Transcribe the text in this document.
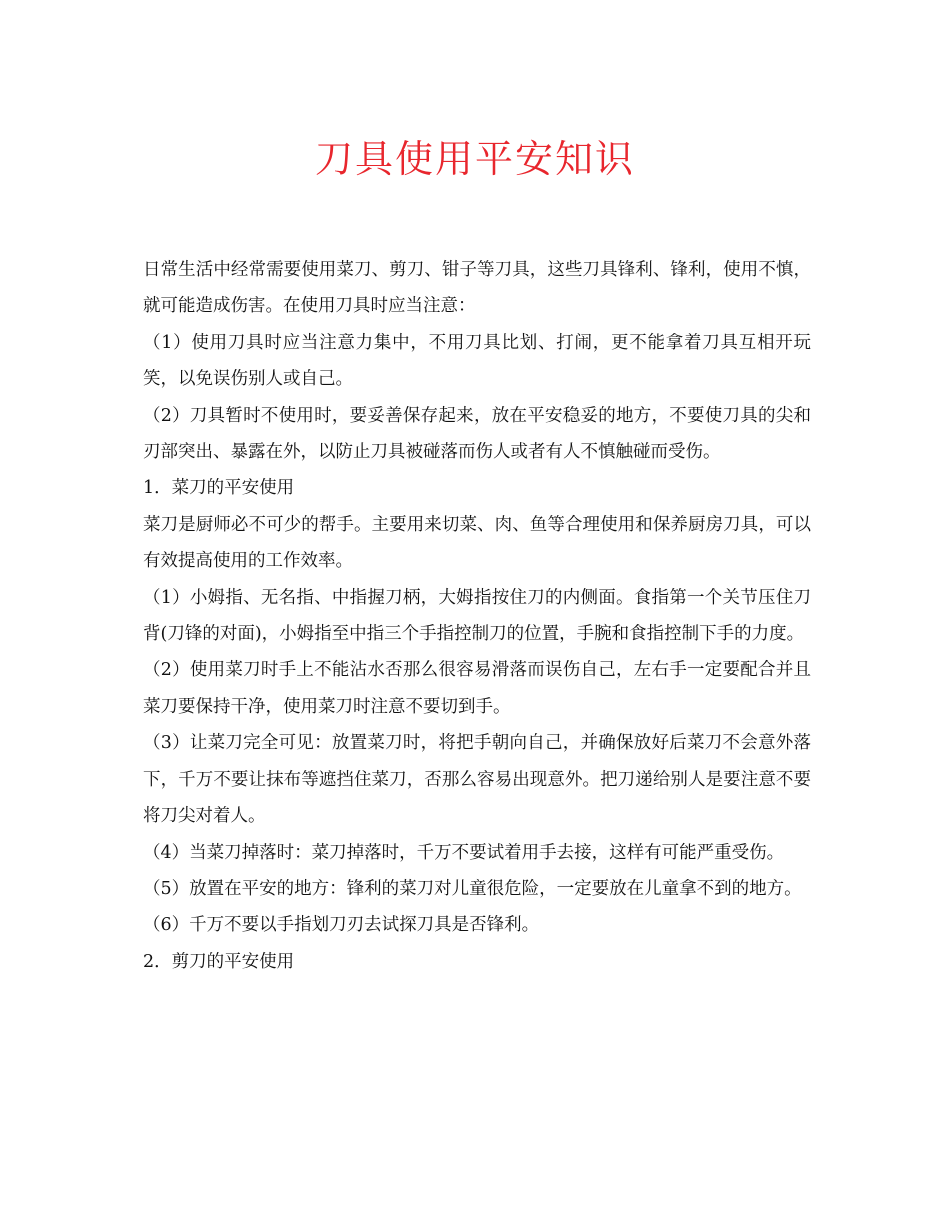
刀具使用平安知识

日常生活中经常需要使用菜刀、剪刀、钳子等刀具，这些刀具锋利、锋利，使用不慎，就可能造成伤害。在使用刀具时应当注意：

（1）使用刀具时应当注意力集中，不用刀具比划、打闹，更不能拿着刀具互相开玩笑，以免误伤别人或自己。

（2）刀具暂时不使用时，要妥善保存起来，放在平安稳妥的地方，不要使刀具的尖和刃部突出、暴露在外，以防止刀具被碰落而伤人或者有人不慎触碰而受伤。

1．菜刀的平安使用

菜刀是厨师必不可少的帮手。主要用来切菜、肉、鱼等合理使用和保养厨房刀具，可以有效提高使用的工作效率。

（1）小姆指、无名指、中指握刀柄，大姆指按住刀的内侧面。食指第一个关节压住刀背(刀锋的对面)，小姆指至中指三个手指控制刀的位置，手腕和食指控制下手的力度。

（2）使用菜刀时手上不能沾水否那么很容易滑落而误伤自己，左右手一定要配合并且菜刀要保持干净，使用菜刀时注意不要切到手。

（3）让菜刀完全可见：放置菜刀时，将把手朝向自己，并确保放好后菜刀不会意外落下，千万不要让抹布等遮挡住菜刀，否那么容易出现意外。把刀递给别人是要注意不要将刀尖对着人。

（4）当菜刀掉落时：菜刀掉落时，千万不要试着用手去接，这样有可能严重受伤。

（5）放置在平安的地方：锋利的菜刀对儿童很危险，一定要放在儿童拿不到的地方。

（6）千万不要以手指划刀刃去试探刀具是否锋利。

2．剪刀的平安使用
